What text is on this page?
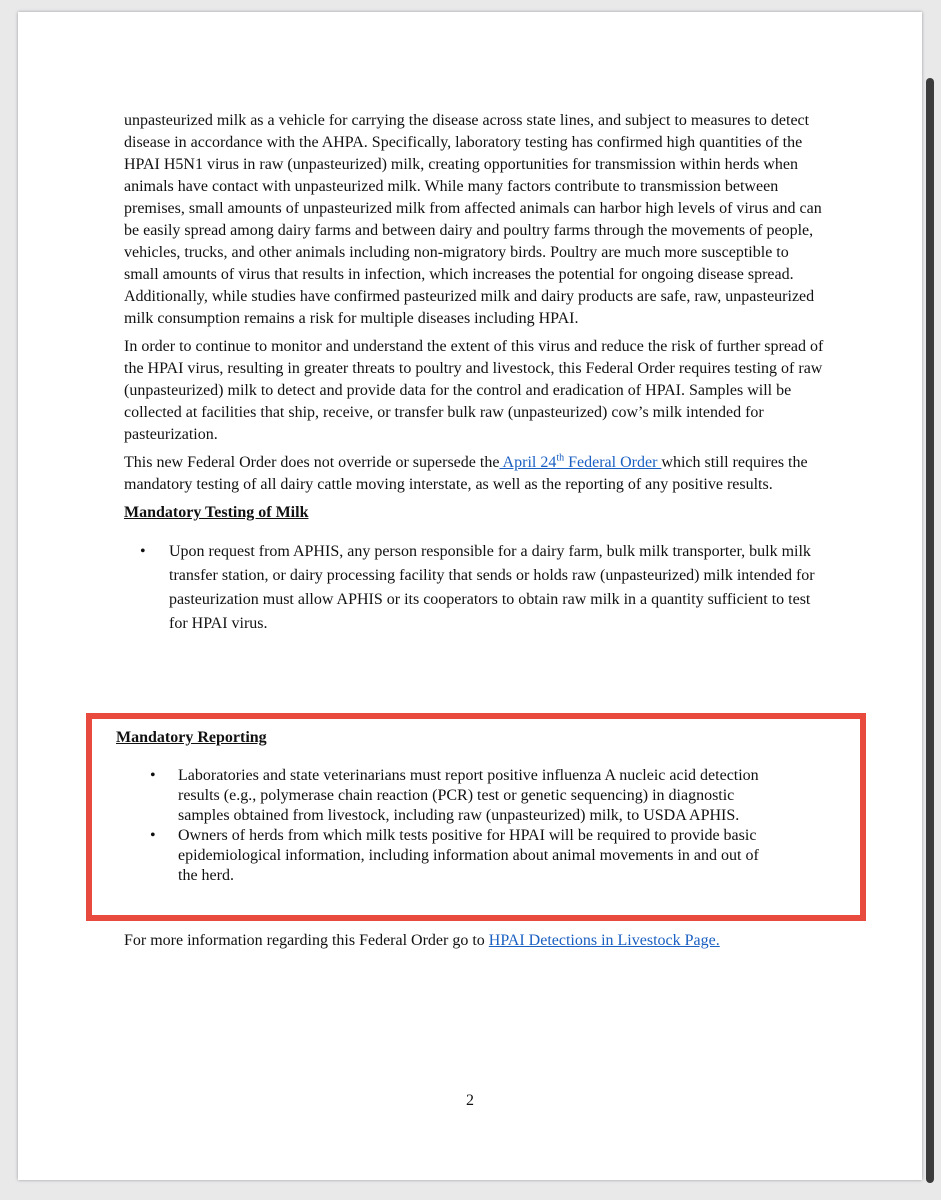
unpasteurized milk as a vehicle for carrying the disease across state lines, and subject to measures to detect disease in accordance with the AHPA. Specifically, laboratory testing has confirmed high quantities of the HPAI H5N1 virus in raw (unpasteurized) milk, creating opportunities for transmission within herds when animals have contact with unpasteurized milk. While many factors contribute to transmission between premises, small amounts of unpasteurized milk from affected animals can harbor high levels of virus and can be easily spread among dairy farms and between dairy and poultry farms through the movements of people, vehicles, trucks, and other animals including non-migratory birds. Poultry are much more susceptible to small amounts of virus that results in infection, which increases the potential for ongoing disease spread. Additionally, while studies have confirmed pasteurized milk and dairy products are safe, raw, unpasteurized milk consumption remains a risk for multiple diseases including HPAI.

In order to continue to monitor and understand the extent of this virus and reduce the risk of further spread of the HPAI virus, resulting in greater threats to poultry and livestock, this Federal Order requires testing of raw (unpasteurized) milk to detect and provide data for the control and eradication of HPAI. Samples will be collected at facilities that ship, receive, or transfer bulk raw (unpasteurized) cow’s milk intended for pasteurization.

This new Federal Order does not override or supersede the April 24th Federal Order which still requires the mandatory testing of all dairy cattle moving interstate, as well as the reporting of any positive results.

Mandatory Testing of Milk

• Upon request from APHIS, any person responsible for a dairy farm, bulk milk transporter, bulk milk transfer station, or dairy processing facility that sends or holds raw (unpasteurized) milk intended for pasteurization must allow APHIS or its cooperators to obtain raw milk in a quantity sufficient to test for HPAI virus.

Mandatory Reporting

• Laboratories and state veterinarians must report positive influenza A nucleic acid detection results (e.g., polymerase chain reaction (PCR) test or genetic sequencing) in diagnostic samples obtained from livestock, including raw (unpasteurized) milk, to USDA APHIS.
• Owners of herds from which milk tests positive for HPAI will be required to provide basic epidemiological information, including information about animal movements in and out of the herd.
For more information regarding this Federal Order go to HPAI Detections in Livestock Page.
2
